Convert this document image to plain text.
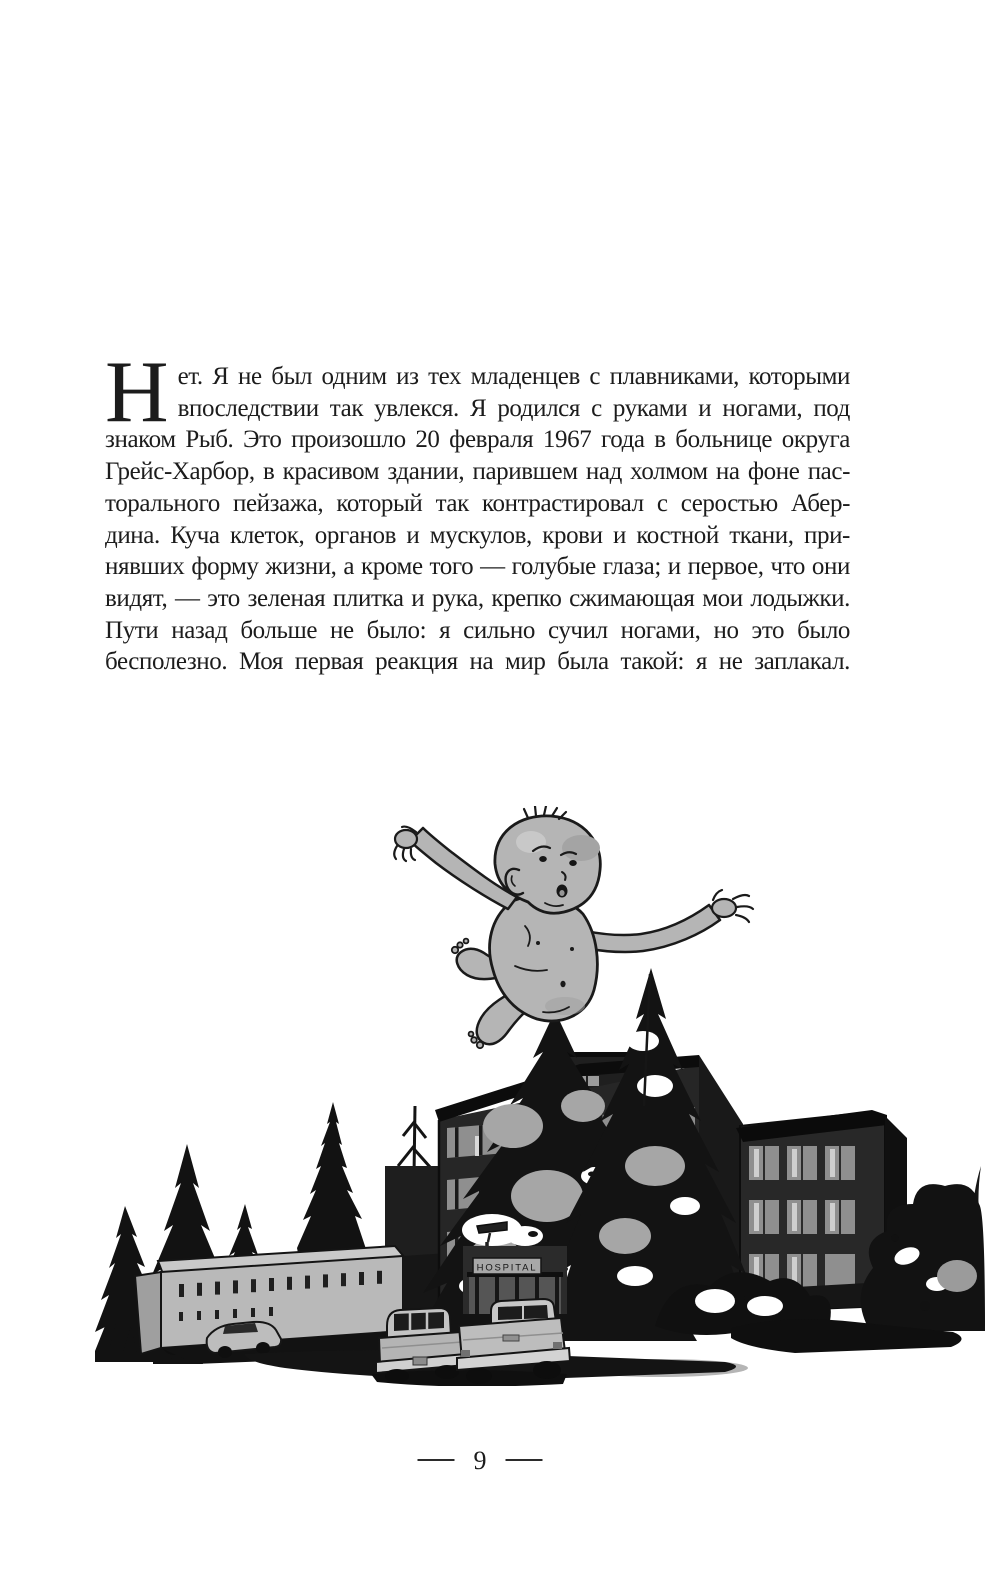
Н ет. Я не был одним из тех младенцев с плавниками, которыми
впоследствии так увлекся. Я родился с руками и ногами, под
знаком Рыб. Это произошло 20 февраля 1967 года в больнице округа
Грейс-Харбор, в красивом здании, парившем над холмом на фоне пас-
торального пейзажа, который так контрастировал с серостью Абер-
дина. Куча клеток, органов и мускулов, крови и костной ткани, при-
нявших форму жизни, а кроме того — голубые глаза; и первое, что они
видят, — это зеленая плитка и рука, крепко сжимающая мои лодыжки.
Пути назад больше не было: я сильно сучил ногами, но это было
бесполезно. Моя первая реакция на мир была такой: я не заплакал.
HOSPITAL
9
